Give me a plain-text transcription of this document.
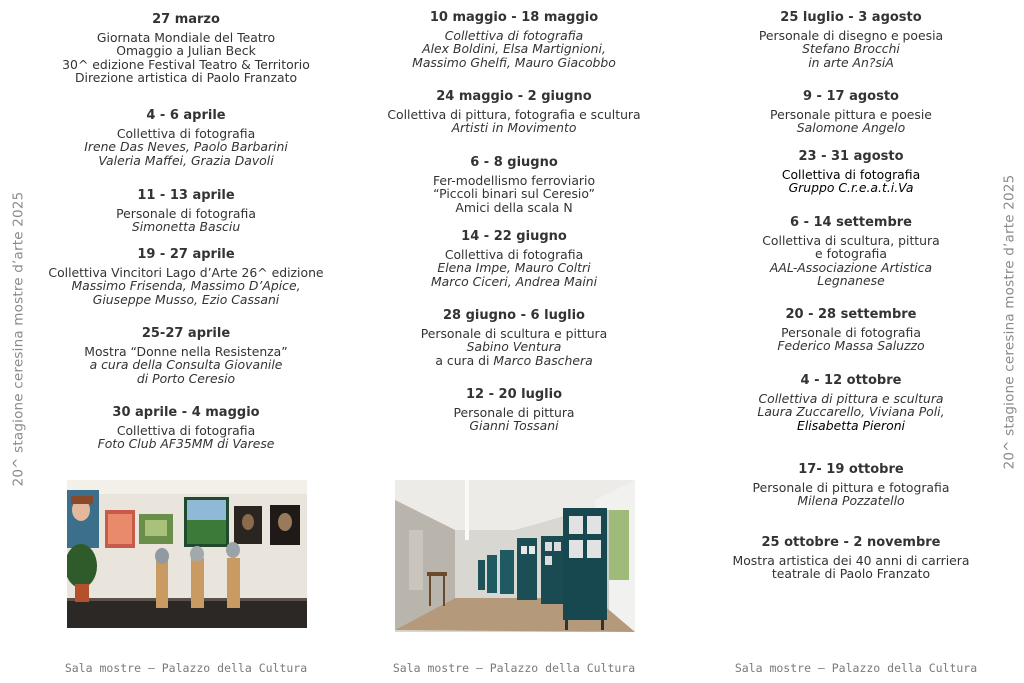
20^ stagione ceresina mostre d’arte 2025	20^ stagione ceresina mostre d’arte 2025
27 marzo
Giornata Mondiale del Teatro
Omaggio a Julian Beck
30^ edizione Festival Teatro & Territorio
Direzione artistica di Paolo Franzato
4 - 6 aprile
Collettiva di fotografia
Irene Das Neves, Paolo Barbarini
Valeria Maffei, Grazia Davoli
11 - 13 aprile
Personale di fotografia
Simonetta Basciu
19 - 27 aprile
Collettiva Vincitori Lago d’Arte 26^ edizione
Massimo Frisenda, Massimo D’Apice,
Giuseppe Musso, Ezio Cassani
25-27 aprile
Mostra “Donne nella Resistenza”
a cura della Consulta Giovanile
di Porto Ceresio
30 aprile - 4 maggio
Collettiva di fotografia
Foto Club AF35MM di Varese
10 maggio - 18 maggio
Collettiva di fotografia
Alex Boldini, Elsa Martignioni,
Massimo Ghelfi, Mauro Giacobbo
24 maggio - 2 giugno
Collettiva di pittura, fotografia e scultura
Artisti in Movimento
6 - 8 giugno
Fer-modellismo ferroviario
“Piccoli binari sul Ceresio”
Amici della scala N
14 - 22 giugno
Collettiva di fotografia
Elena Impe, Mauro Coltri
Marco Ciceri, Andrea Maini
28 giugno - 6 luglio
Personale di scultura e pittura
Sabino Ventura
a cura di Marco Baschera
12 - 20 luglio
Personale di pittura
Gianni Tossani
25 luglio - 3 agosto
Personale di disegno e poesia
Stefano Brocchi
in arte An?siA
9 - 17 agosto
Personale pittura e poesie
Salomone Angelo
23 - 31 agosto
Collettiva di fotografia
Gruppo C.r.e.a.t.i.Va
6 - 14 settembre
Collettiva di scultura, pittura
e fotografia
AAL-Associazione Artistica
Legnanese
20 - 28 settembre
Personale di fotografia
Federico Massa Saluzzo
4 - 12 ottobre
Collettiva di pittura e scultura
Laura Zuccarello, Viviana Poli,
Elisabetta Pieroni
17- 19 ottobre
Personale di pittura e fotografia
Milena Pozzatello
25 ottobre - 2 novembre
Mostra artistica dei 40 anni di carriera
teatrale di Paolo Franzato
Sala mostre – Palazzo della Cultura	Sala mostre – Palazzo della Cultura	Sala mostre – Palazzo della Cultura
